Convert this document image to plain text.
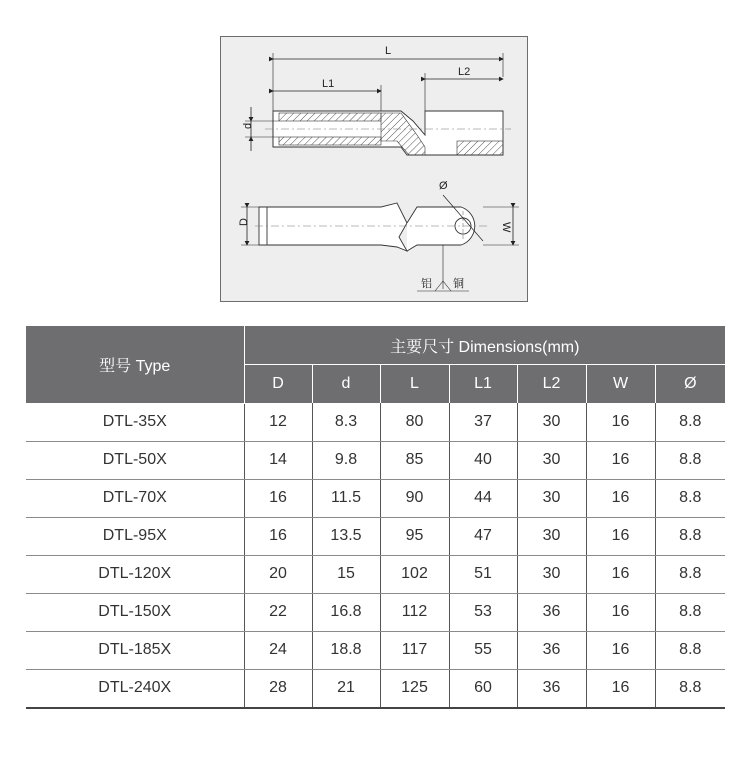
L
L1
L2
d
D	W
Ø
铝 铜
型号 Type	主要尺寸 Dimensions(mm)						
	D	d	L	L1	L2	W	Ø
DTL-35X	12	8.3	80	37	30	16	8.8
DTL-50X	14	9.8	85	40	30	16	8.8
DTL-70X	16	11.5	90	44	30	16	8.8
DTL-95X	16	13.5	95	47	30	16	8.8
DTL-120X	20	15	102	51	30	16	8.8
DTL-150X	22	16.8	112	53	36	16	8.8
DTL-185X	24	18.8	117	55	36	16	8.8
DTL-240X	28	21	125	60	36	16	8.8
